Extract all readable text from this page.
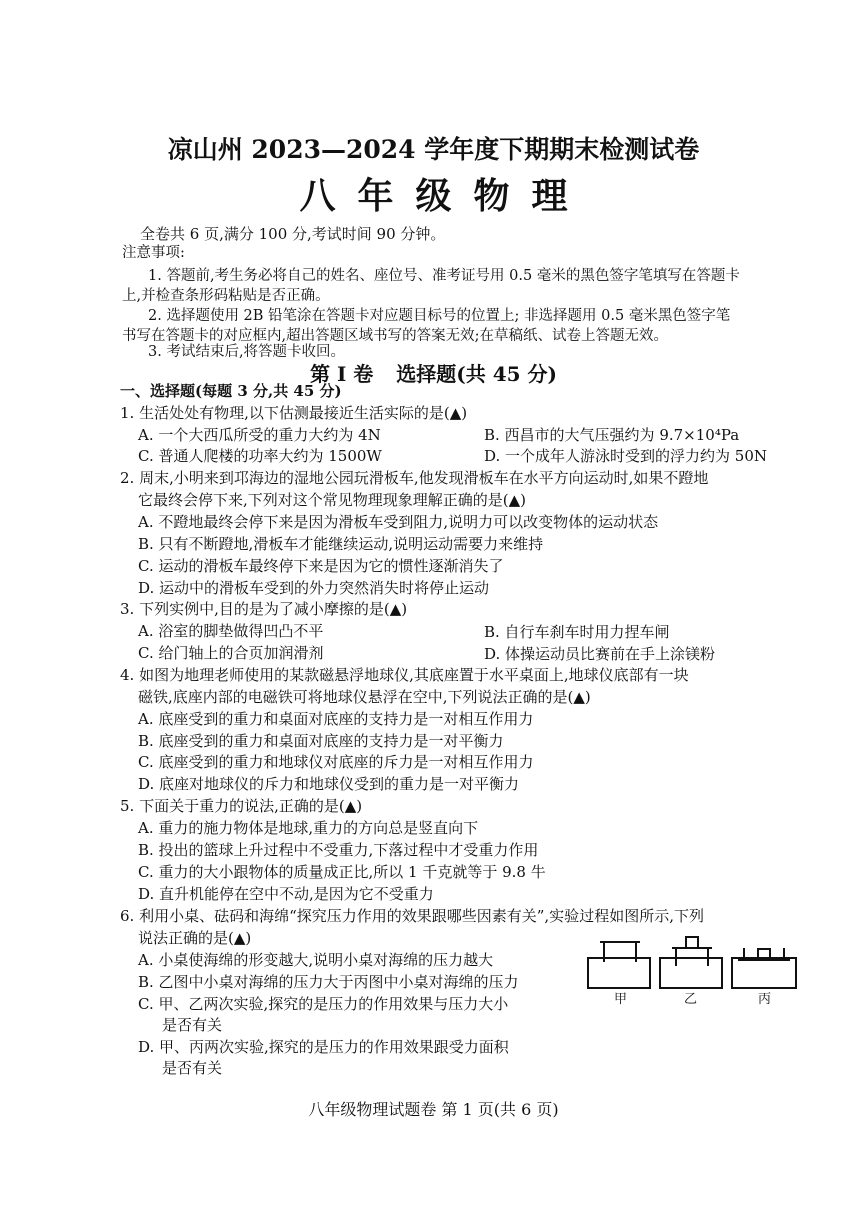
凉山州 2023—2024 学年度下期期末检测试卷
八年级物理
全卷共 6 页,满分 100 分,考试时间 90 分钟。
注意事项:
1. 答题前,考生务必将自己的姓名、座位号、准考证号用 0.5 毫米的黑色签字笔填写在答题卡
上,并检查条形码粘贴是否正确。
2. 选择题使用 2B 铅笔涂在答题卡对应题目标号的位置上; 非选择题用 0.5 毫米黑色签字笔
书写在答题卡的对应框内,超出答题区域书写的答案无效;在草稿纸、试卷上答题无效。
3. 考试结束后,将答题卡收回。
第 Ⅰ 卷 选择题(共 45 分)
一、选择题(每题 3 分,共 45 分)
1. 生活处处有物理,以下估测最接近生活实际的是(▲)
A. 一个大西瓜所受的重力大约为 4N	B. 西昌市的大气压强约为 9.7×10⁴Pa
C. 普通人爬楼的功率大约为 1500W	D. 一个成年人游泳时受到的浮力约为 50N
2. 周末,小明来到邛海边的湿地公园玩滑板车,他发现滑板车在水平方向运动时,如果不蹬地
它最终会停下来,下列对这个常见物理现象理解正确的是(▲)
A. 不蹬地最终会停下来是因为滑板车受到阻力,说明力可以改变物体的运动状态
B. 只有不断蹬地,滑板车才能继续运动,说明运动需要力来维持
C. 运动的滑板车最终停下来是因为它的惯性逐渐消失了
D. 运动中的滑板车受到的外力突然消失时将停止运动
3. 下列实例中,目的是为了减小摩擦的是(▲)
A. 浴室的脚垫做得凹凸不平	B. 自行车刹车时用力捏车闸
C. 给门轴上的合页加润滑剂	D. 体操运动员比赛前在手上涂镁粉
4. 如图为地理老师使用的某款磁悬浮地球仪,其底座置于水平桌面上,地球仪底部有一块
磁铁,底座内部的电磁铁可将地球仪悬浮在空中,下列说法正确的是(▲)
A. 底座受到的重力和桌面对底座的支持力是一对相互作用力
B. 底座受到的重力和桌面对底座的支持力是一对平衡力
C. 底座受到的重力和地球仪对底座的斥力是一对相互作用力
D. 底座对地球仪的斥力和地球仪受到的重力是一对平衡力
5. 下面关于重力的说法,正确的是(▲)
A. 重力的施力物体是地球,重力的方向总是竖直向下
B. 投出的篮球上升过程中不受重力,下落过程中才受重力作用
C. 重力的大小跟物体的质量成正比,所以 1 千克就等于 9.8 牛
D. 直升机能停在空中不动,是因为它不受重力
6. 利用小桌、砝码和海绵“探究压力作用的效果跟哪些因素有关”,实验过程如图所示,下列
说法正确的是(▲)
A. 小桌使海绵的形变越大,说明小桌对海绵的压力越大
B. 乙图中小桌对海绵的压力大于丙图中小桌对海绵的压力
C. 甲、乙两次实验,探究的是压力的作用效果与压力大小
是否有关
D. 甲、丙两次实验,探究的是压力的作用效果跟受力面积
是否有关
甲	乙	丙
八年级物理试题卷 第 1 页(共 6 页)
